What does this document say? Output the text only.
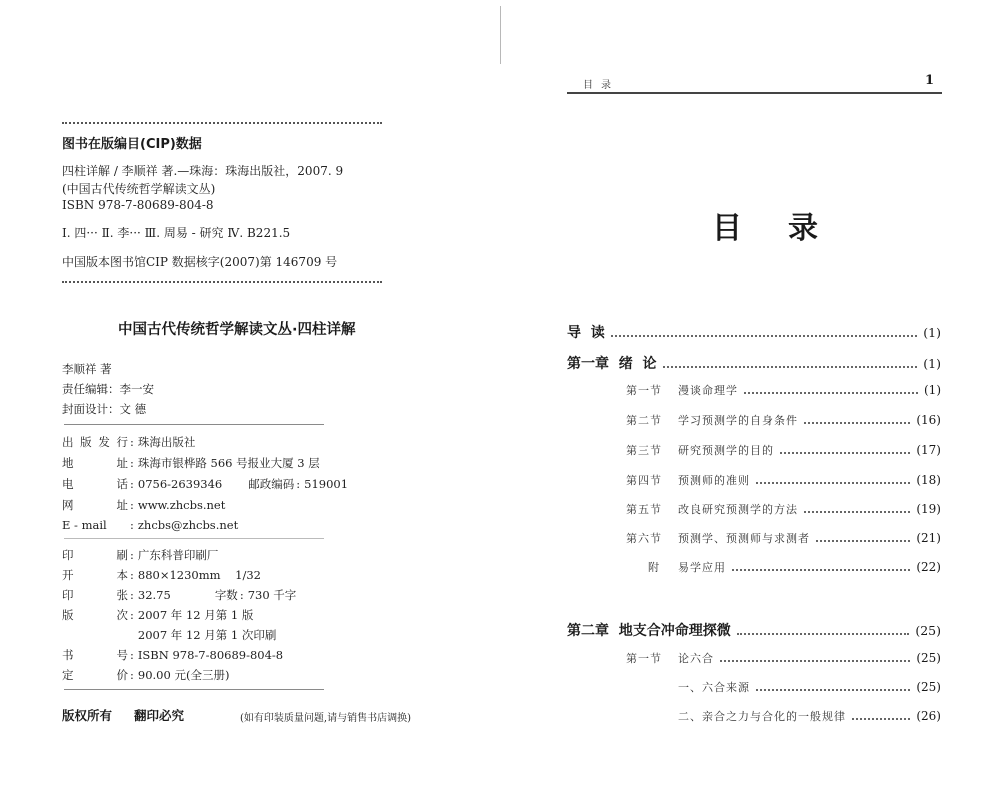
图书在版编目(CIP)数据
四柱详解 / 李顺祥 著.—珠海：珠海出版社，2007. 9
(中国古代传统哲学解读文丛)
ISBN 978-7-80689-804-8
Ⅰ. 四··· Ⅱ. 李··· Ⅲ. 周易 - 研究 Ⅳ. B221.5
中国版本图书馆CIP 数据核字(2007)第 146709 号
中国古代传统哲学解读文丛·四柱详解
李顺祥 著
责任编辑：李一安
封面设计：文 德
出版发行 : 珠海出版社
地　址 : 珠海市银桦路 566 号报业大厦 3 层
电　话 : 0756-2639346 邮政编码 : 519001
网　址 : www.zhcbs.net
E - mail : zhcbs@zhcbs.net
印　刷 : 广东科普印刷厂
开　本 : 880×1230mm    1/32
印　张 : 32.75	字数 : 730 千字
版　次 : 2007 年 12 月第 1 版
2007 年 12 月第 1 次印刷
书　号 : ISBN 978-7-80689-804-8
定　价 : 90.00 元(全三册)
版权所有 翻印必究	(如有印装质量问题,请与销售书店调换)
目录	1
目录
导  读	(1)
第一章  绪  论	(1)
第一节 漫谈命理学	(1)
第二节 学习预测学的自身条件	(16)
第三节 研究预测学的目的	(17)
第四节 预测师的准则	(18)
第五节 改良研究预测学的方法	(19)
第六节 预测学、预测师与求测者	(21)
附 易学应用	(22)
第二章  地支合冲命理探微	(25)
第一节 论六合	(25)
一、六合来源	(25)
二、亲合之力与合化的一般规律	(26)
